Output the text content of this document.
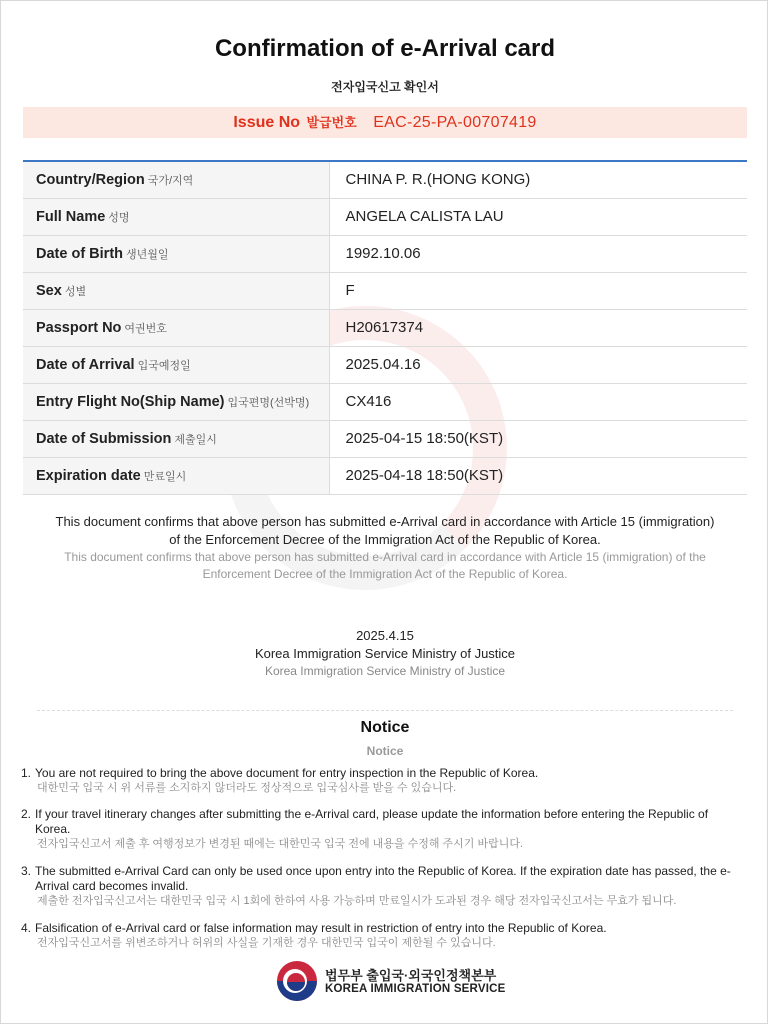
Confirmation of e-Arrival card
전자입국신고 확인서
Issue No 발급번호 EAC-25-PA-00707419
Country/Region 국가/지역	CHINA P. R.(HONG KONG)
Full Name 성명	ANGELA CALISTA LAU
Date of Birth 생년월일	1992.10.06
Sex 성별	F
Passport No 여권번호	H20617374
Date of Arrival 입국예정일	2025.04.16
Entry Flight No(Ship Name) 입국편명(선박명)	CX416
Date of Submission 제출일시	2025-04-15 18:50(KST)
Expiration date 만료일시	2025-04-18 18:50(KST)
This document confirms that above person has submitted e-Arrival card in accordance with Article 15 (immigration) of the Enforcement Decree of the Immigration Act of the Republic of Korea.
This document confirms that above person has submitted e-Arrival card in accordance with Article 15 (immigration) of the Enforcement Decree of the Immigration Act of the Republic of Korea.
2025.4.15
Korea Immigration Service Ministry of Justice
Korea Immigration Service Ministry of Justice
Notice
Notice
1. You are not required to bring the above document for entry inspection in the Republic of Korea.
대한민국 입국 시 위 서류를 소지하지 않더라도 정상적으로 입국심사를 받을 수 있습니다.
2. If your travel itinerary changes after submitting the e-Arrival card, please update the information before entering the Republic of Korea.
전자입국신고서 제출 후 여행정보가 변경된 때에는 대한민국 입국 전에 내용을 수정해 주시기 바랍니다.
3. The submitted e-Arrival Card can only be used once upon entry into the Republic of Korea. If the expiration date has passed, the e-Arrival card becomes invalid.
제출한 전자입국신고서는 대한민국 입국 시 1회에 한하여 사용 가능하며 만료일시가 도과된 경우 해당 전자입국신고서는 무효가 됩니다.
4. Falsification of e-Arrival card or false information may result in restriction of entry into the Republic of Korea.
전자입국신고서를 위변조하거나 허위의 사실을 기재한 경우 대한민국 입국이 제한될 수 있습니다.
법무부 출입국·외국인정책본부
KOREA IMMIGRATION SERVICE
